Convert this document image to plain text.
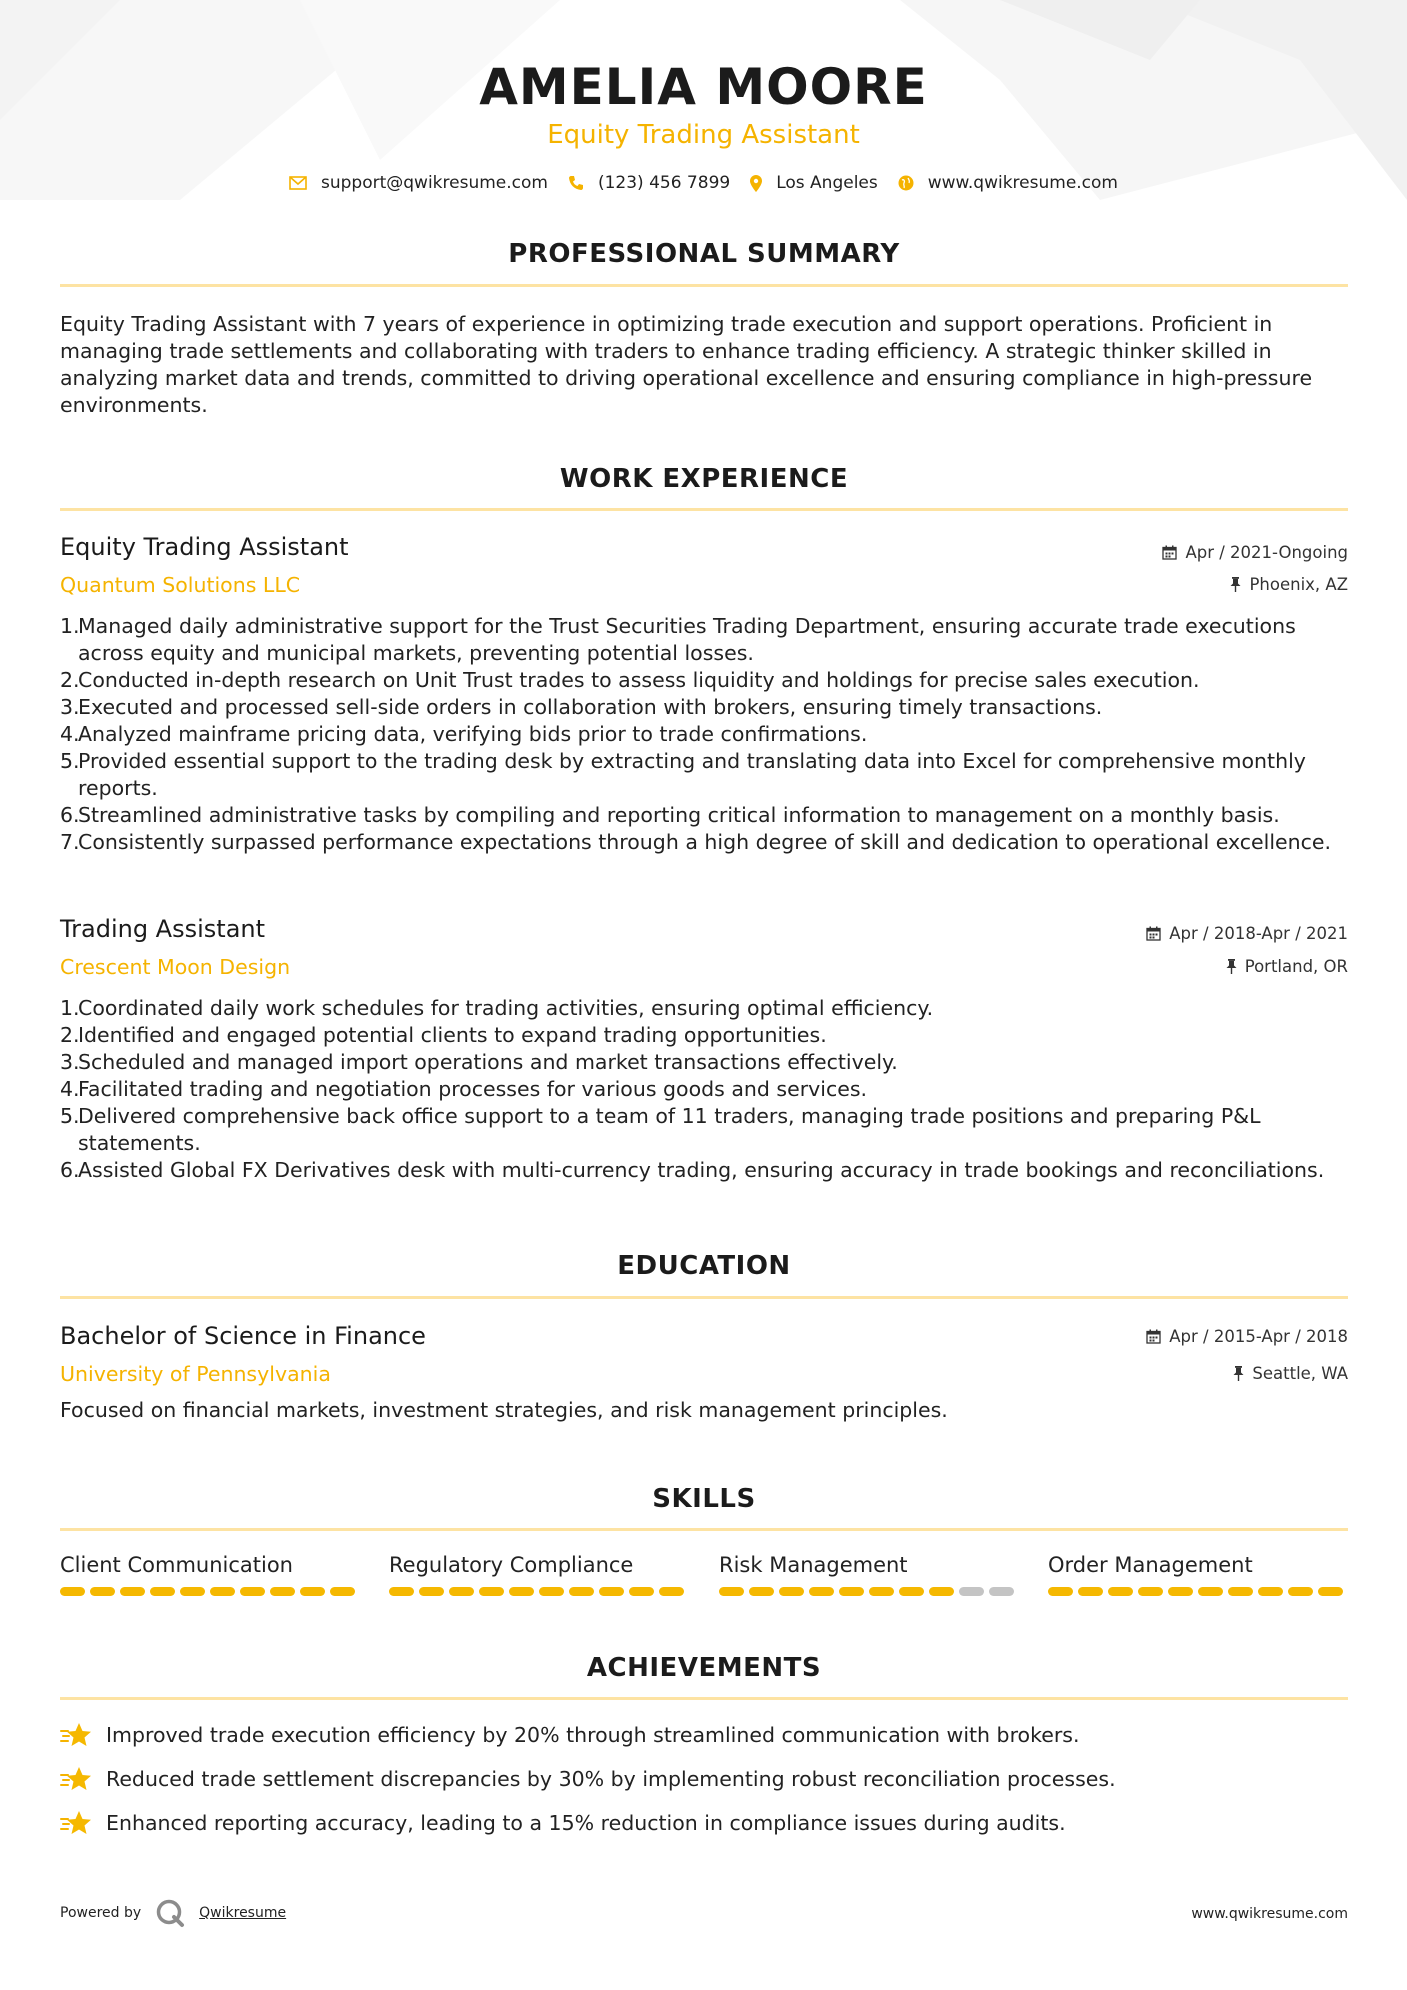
AMELIA MOORE
Equity Trading Assistant
support@qwikresume.com	(123) 456 7899	Los Angeles	www.qwikresume.com
PROFESSIONAL SUMMARY
Equity Trading Assistant with 7 years of experience in optimizing trade execution and support operations. Proficient in managing trade settlements and collaborating with traders to enhance trading efficiency. A strategic thinker skilled in analyzing market data and trends, committed to driving operational excellence and ensuring compliance in high-pressure environments.
WORK EXPERIENCE
Equity Trading Assistant	Apr / 2021-Ongoing
Quantum Solutions LLC	Phoenix, AZ
1.
Managed daily administrative support for the Trust Securities Trading Department, ensuring accurate trade executions across equity and municipal markets, preventing potential losses.
2.
Conducted in-depth research on Unit Trust trades to assess liquidity and holdings for precise sales execution.
3.
Executed and processed sell-side orders in collaboration with brokers, ensuring timely transactions.
4.
Analyzed mainframe pricing data, verifying bids prior to trade confirmations.
5.
Provided essential support to the trading desk by extracting and translating data into Excel for comprehensive monthly reports.
6.
Streamlined administrative tasks by compiling and reporting critical information to management on a monthly basis.
7.
Consistently surpassed performance expectations through a high degree of skill and dedication to operational excellence.
Trading Assistant	Apr / 2018-Apr / 2021
Crescent Moon Design	Portland, OR
1.
Coordinated daily work schedules for trading activities, ensuring optimal efficiency.
2.
Identified and engaged potential clients to expand trading opportunities.
3.
Scheduled and managed import operations and market transactions effectively.
4.
Facilitated trading and negotiation processes for various goods and services.
5.
Delivered comprehensive back office support to a team of 11 traders, managing trade positions and preparing P&L statements.
6.
Assisted Global FX Derivatives desk with multi-currency trading, ensuring accuracy in trade bookings and reconciliations.
EDUCATION
Bachelor of Science in Finance	Apr / 2015-Apr / 2018
University of Pennsylvania	Seattle, WA
Focused on financial markets, investment strategies, and risk management principles.
SKILLS
Client Communication	Regulatory Compliance	Risk Management	Order Management
ACHIEVEMENTS
Improved trade execution efficiency by 20% through streamlined communication with brokers.
Reduced trade settlement discrepancies by 30% by implementing robust reconciliation processes.
Enhanced reporting accuracy, leading to a 15% reduction in compliance issues during audits.
Powered by	Qwikresume	www.qwikresume.com
